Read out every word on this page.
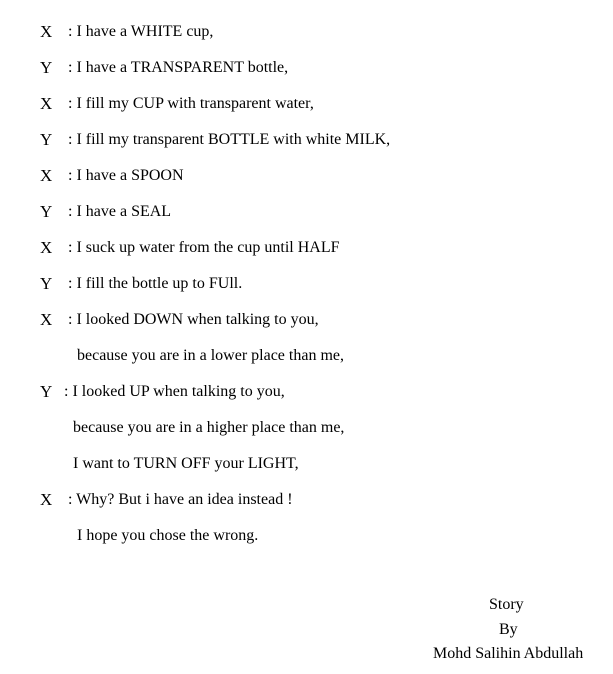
X : I have a WHITE cup,
Y : I have a TRANSPARENT bottle,
X : I fill my CUP with transparent water,
Y : I fill my transparent BOTTLE with white MILK,
X : I have a SPOON
Y : I have a SEAL
X : I suck up water from the cup until HALF
Y : I fill the bottle up to FUll.
X : I looked DOWN when talking to you,
because you are in a lower place than me,
Y : I looked UP when talking to you,
because you are in a higher place than me,
I want to TURN OFF your LIGHT,
X : Why? But i have an idea instead !
I hope you chose the wrong.
Story
By
Mohd Salihin Abdullah
